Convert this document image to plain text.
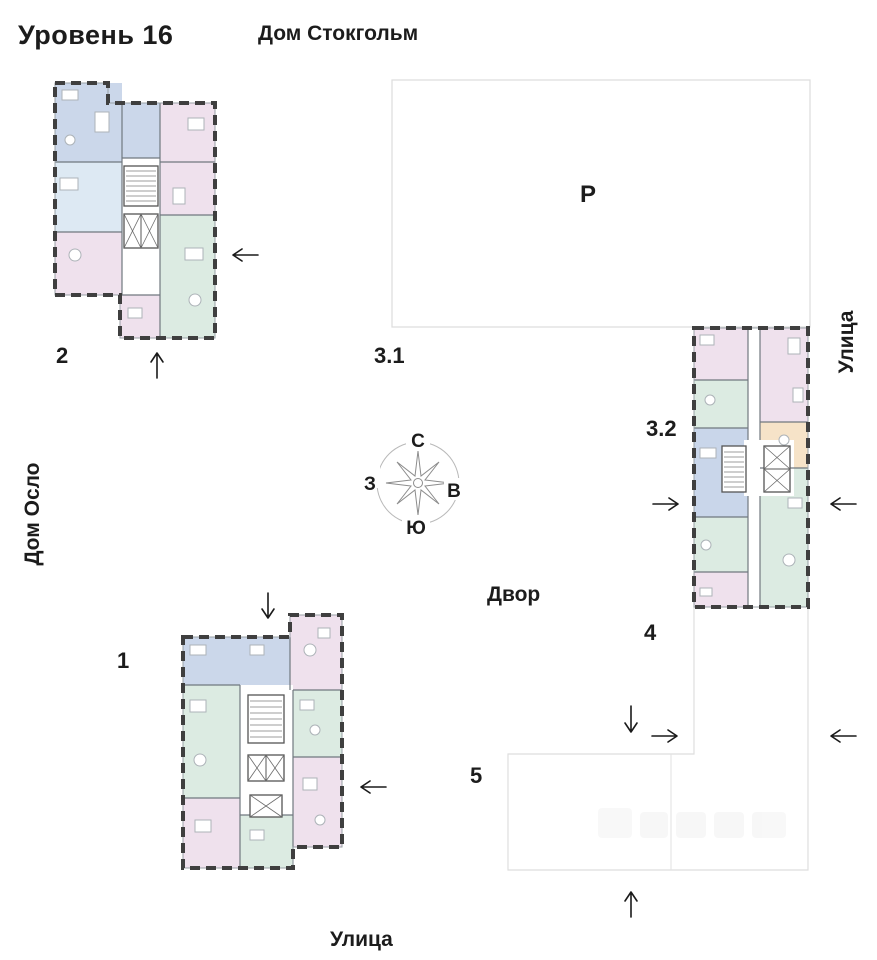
С
Ю
З	В
Уровень 16	Дом Стокгольм
Дом Осло
Улица
Улица
Двор
Р
2	3.1
3.2
1
4
5
